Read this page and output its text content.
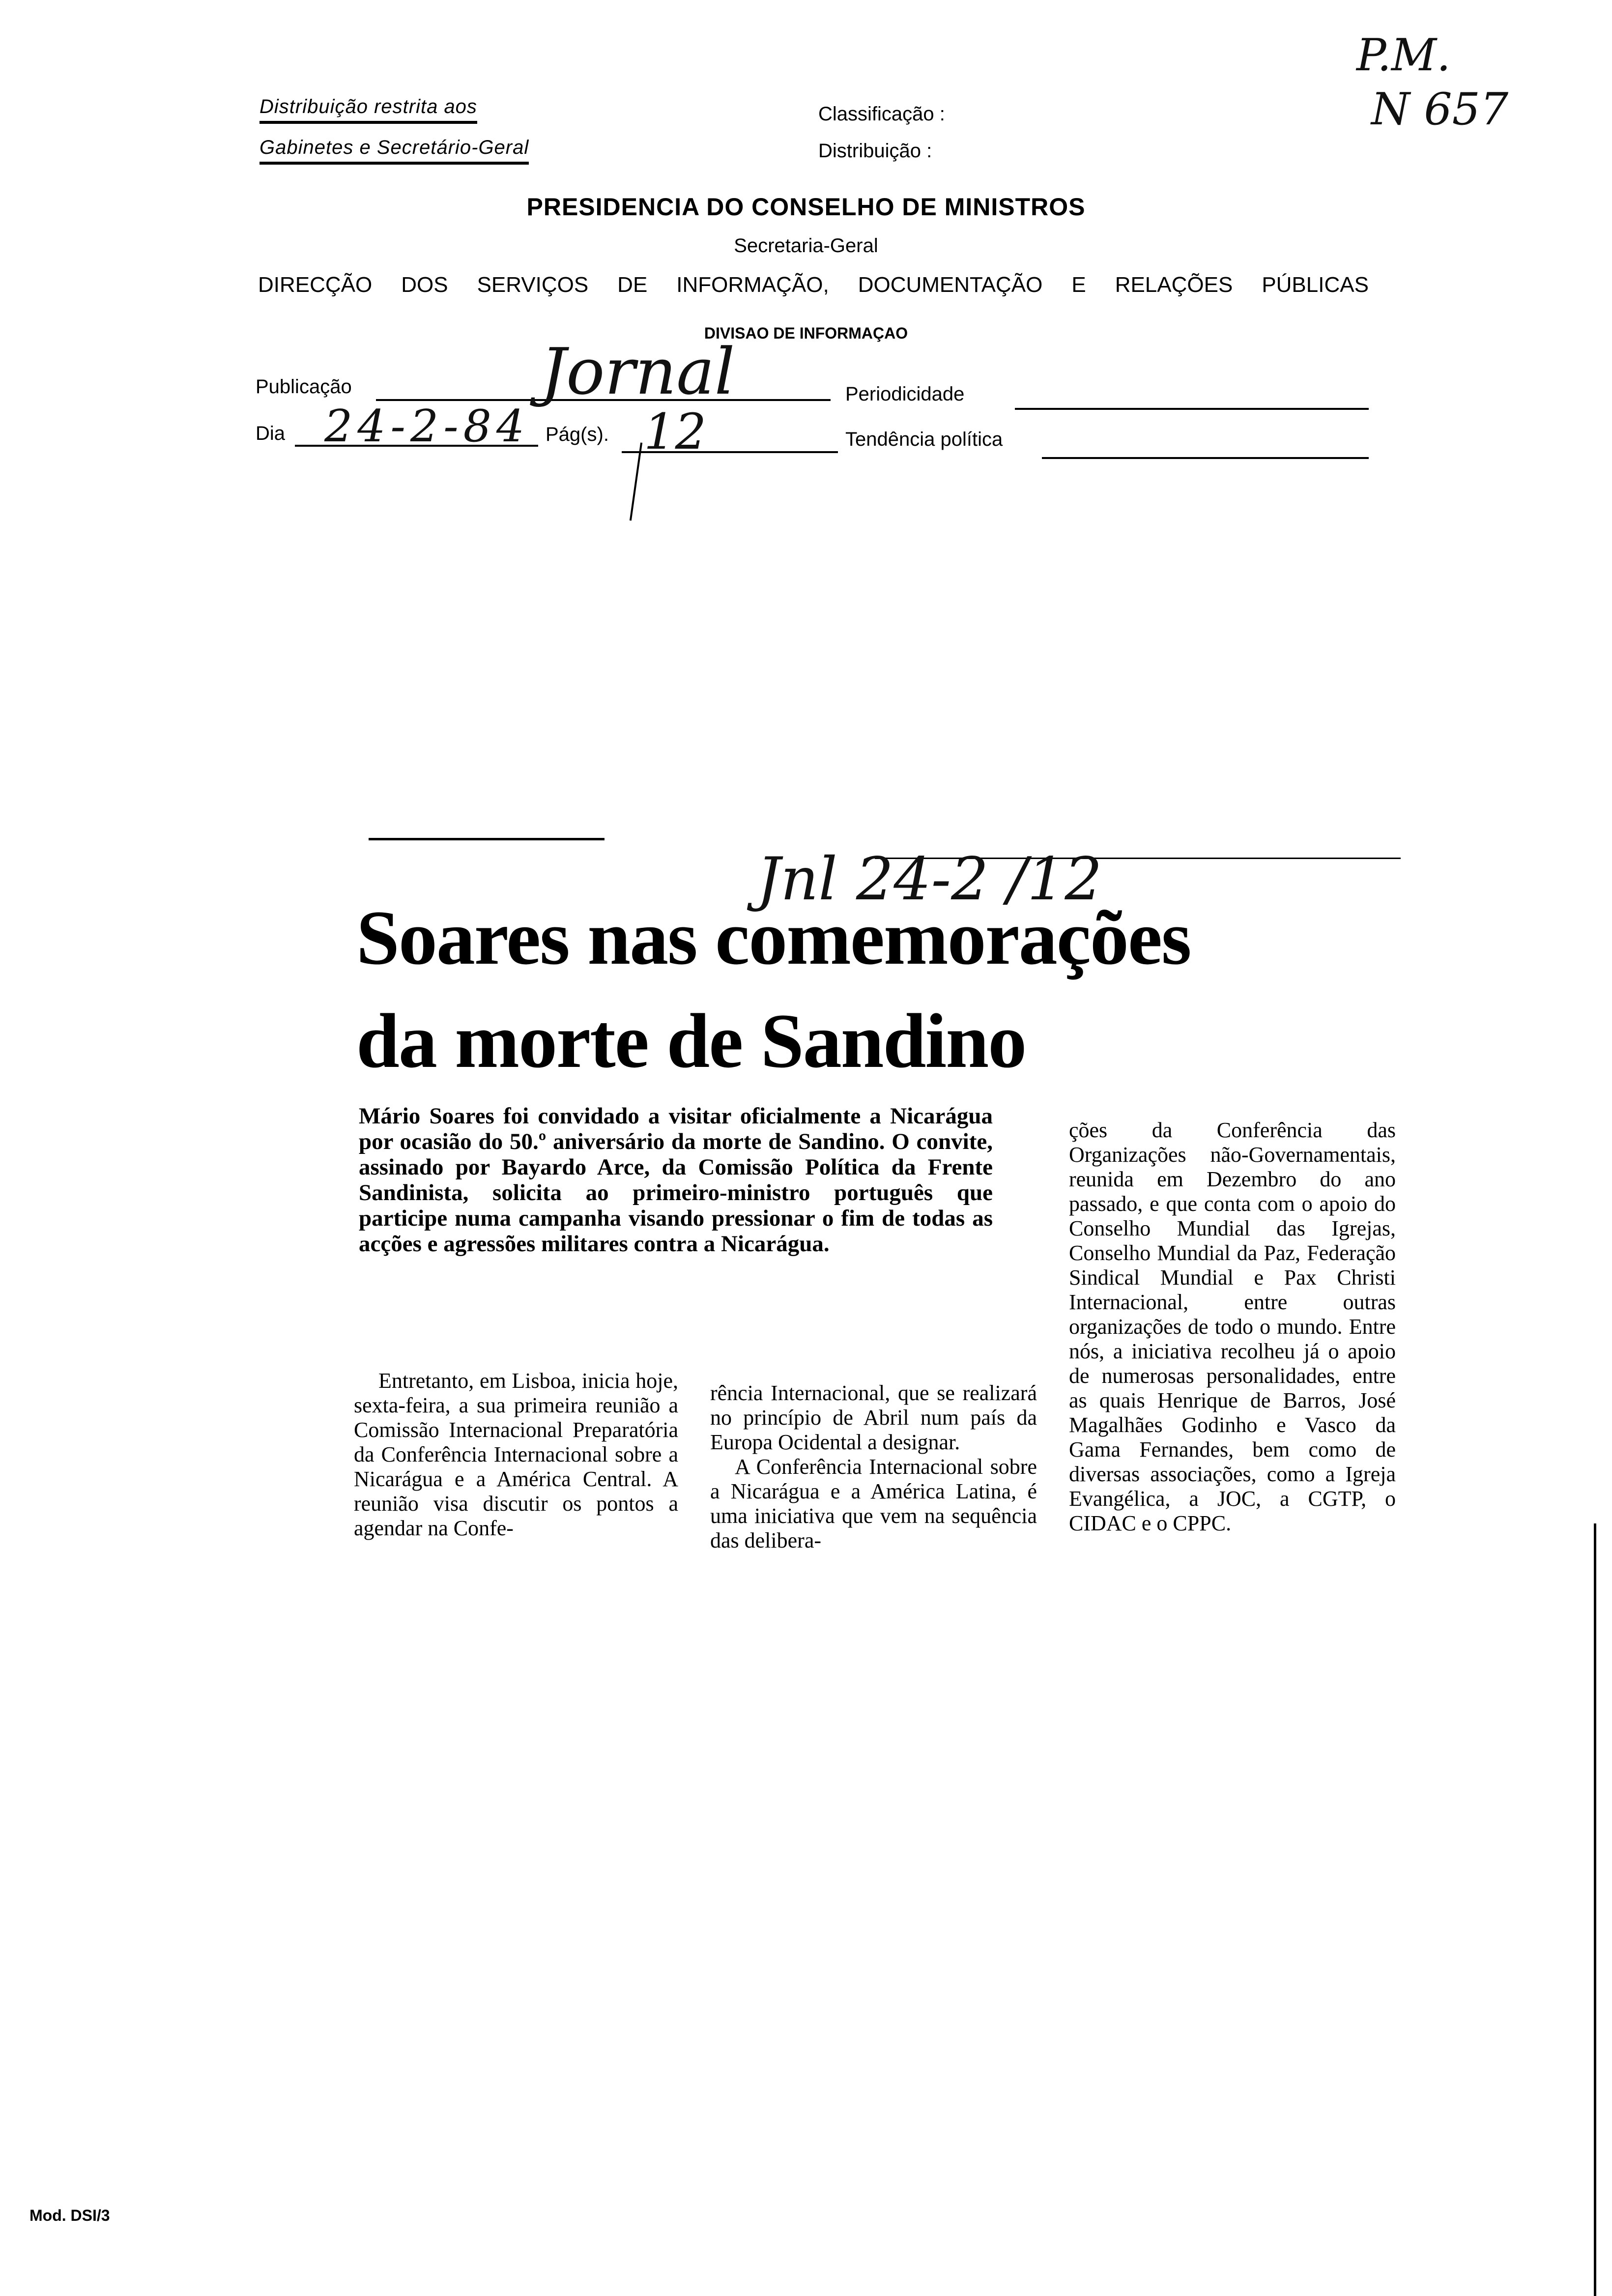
P.M.
N 657
Distribuição restrita aos
Gabinetes e Secretário-Geral
Classificação :
Distribuição :
PRESIDENCIA DO CONSELHO DE MINISTROS
Secretaria-Geral
DIRECÇÃO DOS SERVIÇOS DE INFORMAÇÃO, DOCUMENTAÇÃO E RELAÇÕES PÚBLICAS
DIVISAO DE INFORMAÇAO
Publicação	Jornal	Periodicidade
Dia 24-2-84 Pág(s). 12	Tendência política
Jnl 24-2 /12
Soares nas comemorações
da morte de Sandino
Mário Soares foi convidado a visitar oficialmente a Nicarágua por ocasião do 50.º aniversário da morte de Sandino. O convite, assinado por Bayardo Arce, da Comissão Política da Frente Sandinista, solicita ao primeiro-ministro português que participe numa campanha visando pressionar o fim de todas as acções e agressões militares contra a Nicarágua.

Entretanto, em Lisboa, inicia hoje, sexta-feira, a sua primeira reunião a Comissão Internacional Preparatória da Conferência Internacional sobre a Nicarágua e a América Central. A reunião visa discutir os pontos a agendar na Confe-

rência Internacional, que se realizará no princípio de Abril num país da Europa Ocidental a designar.

A Conferência Internacional sobre a Nicarágua e a América Latina, é uma iniciativa que vem na sequência das delibera-

ções da Conferência das Organizações não-Governamentais, reunida em Dezembro do ano passado, e que conta com o apoio do Conselho Mundial das Igrejas, Conselho Mundial da Paz, Federação Sindical Mundial e Pax Christi Internacional, entre outras organizações de todo o mundo. Entre nós, a iniciativa recolheu já o apoio de numerosas personalidades, entre as quais Henrique de Barros, José Magalhães Godinho e Vasco da Gama Fernandes, bem como de diversas associações, como a Igreja Evangélica, a JOC, a CGTP, o CIDAC e o CPPC.

Mod. DSI/3
